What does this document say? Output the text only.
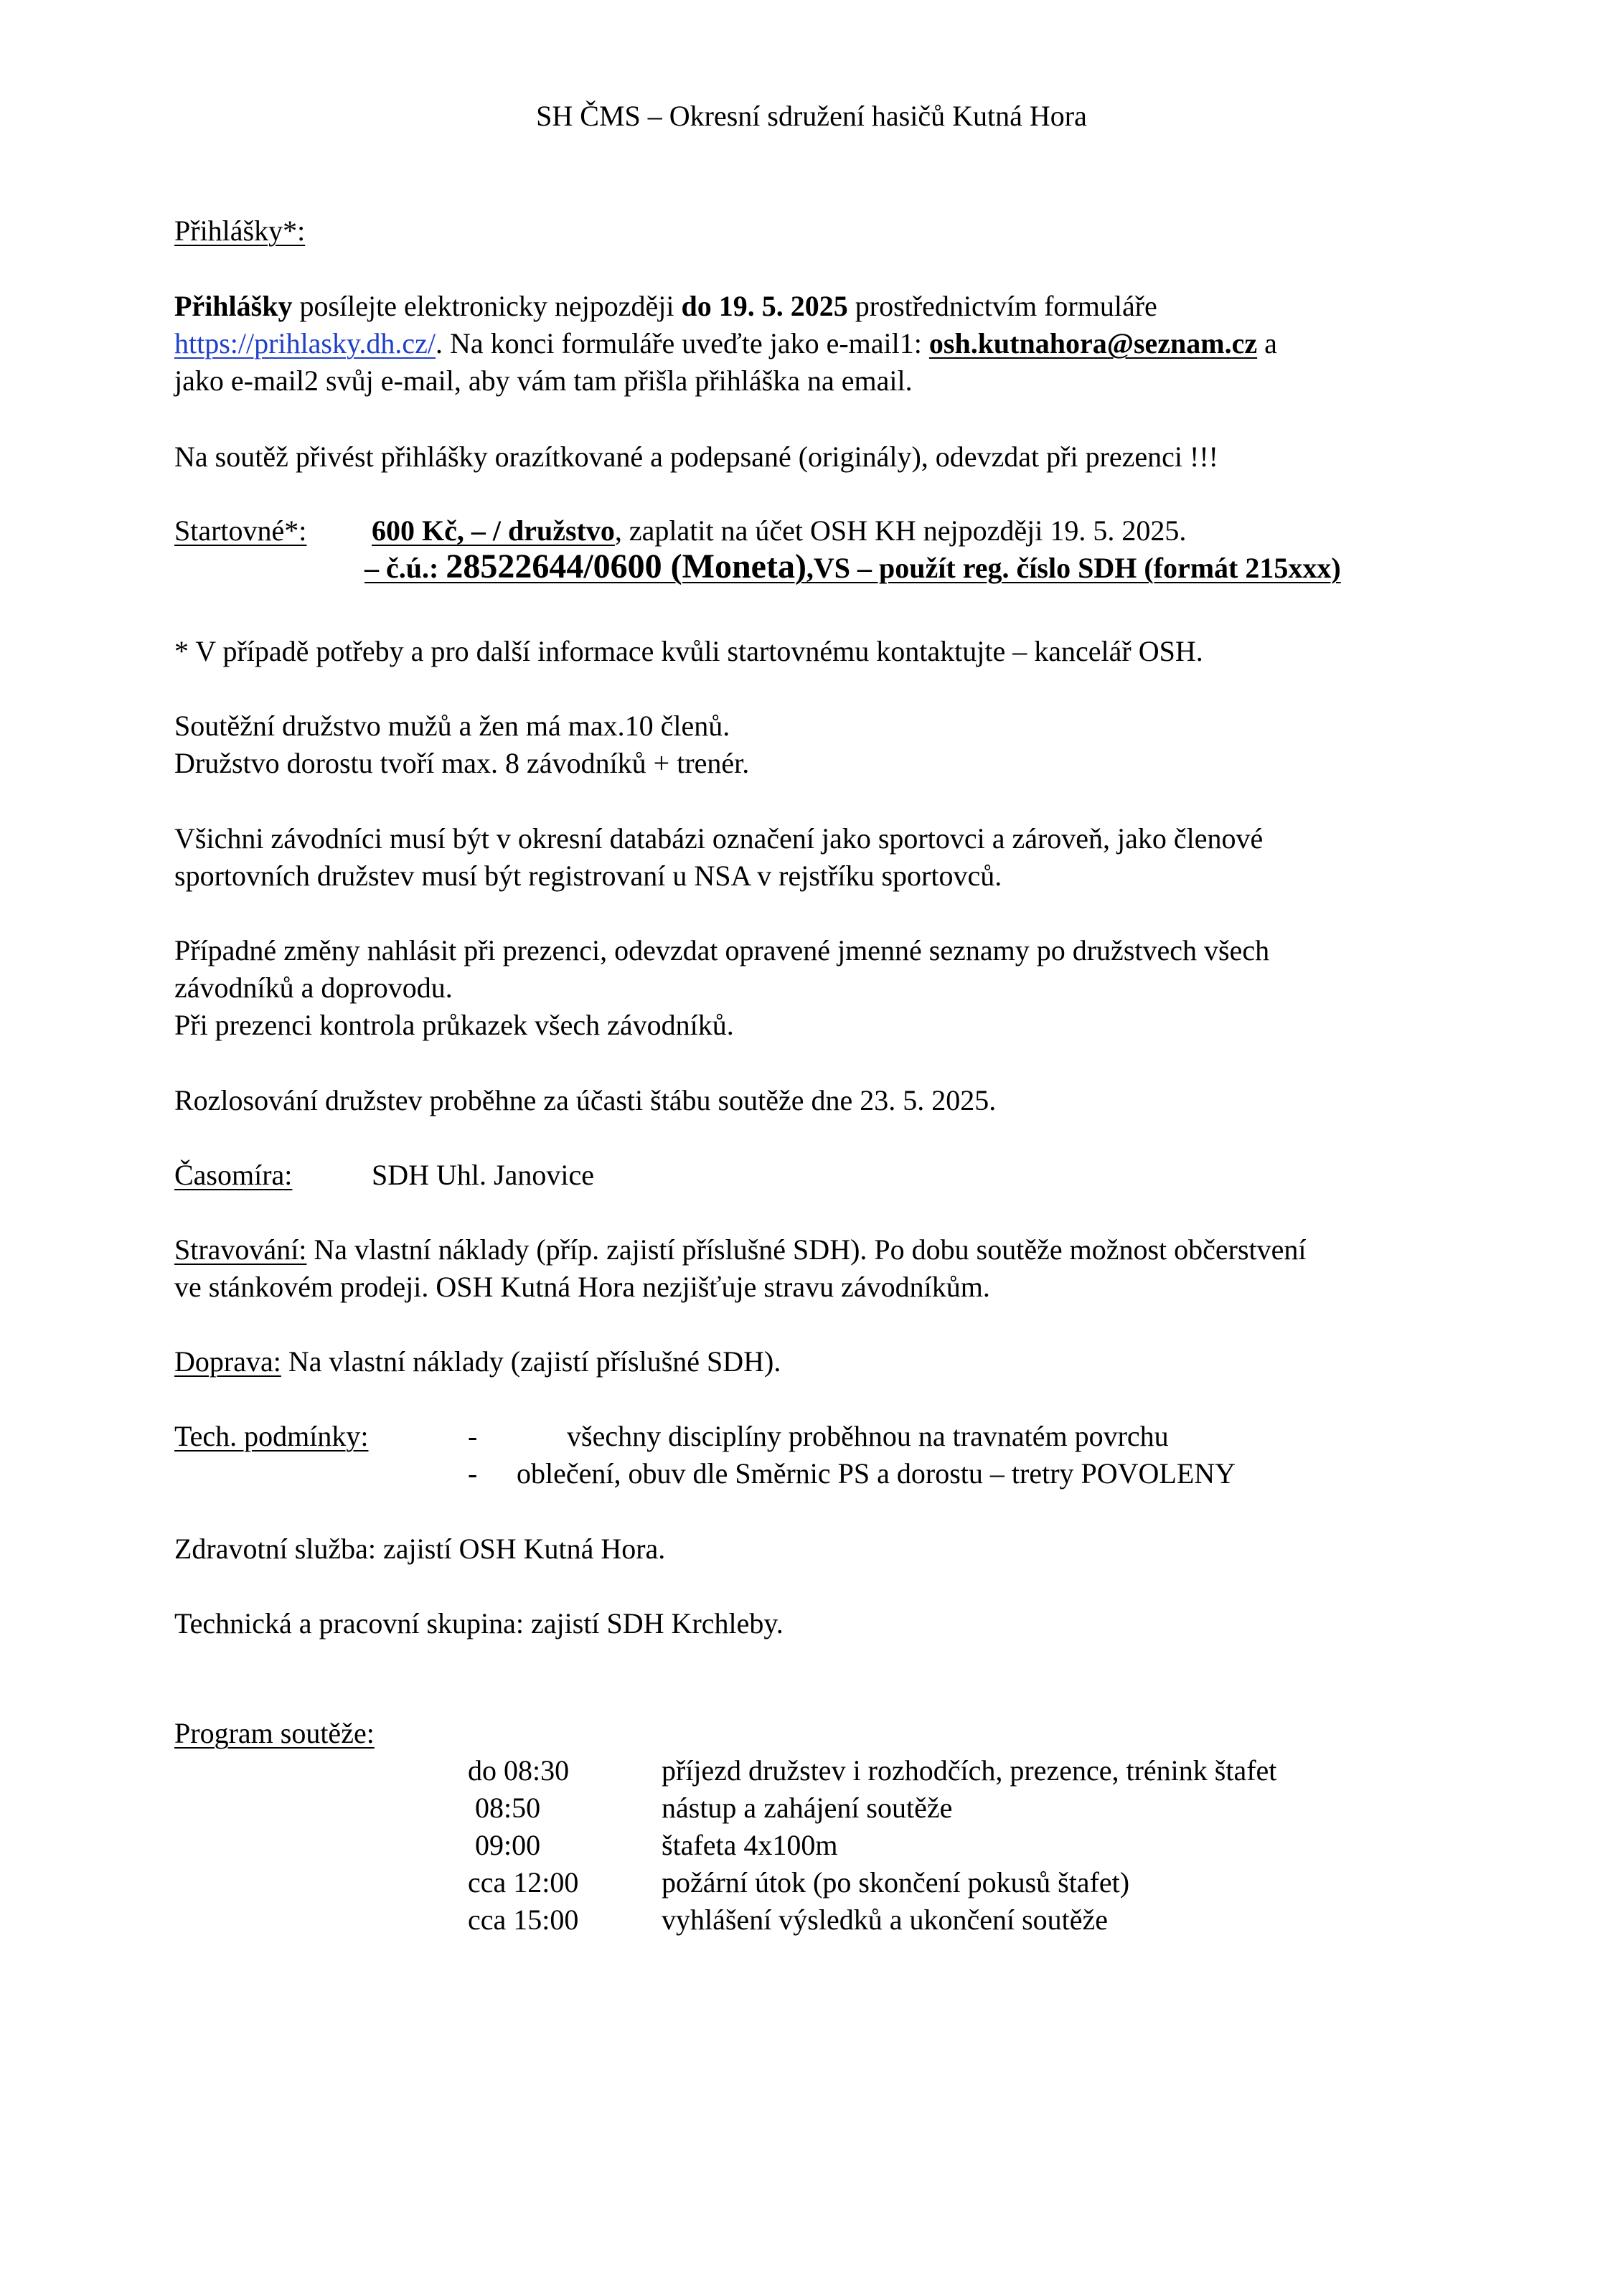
SH ČMS – Okresní sdružení hasičů Kutná Hora
Přihlášky*:
Přihlášky posílejte elektronicky nejpozději do 19. 5. 2025 prostřednictvím formuláře
https://prihlasky.dh.cz/. Na konci formuláře uveďte jako e-mail1: osh.kutnahora@seznam.cz a
jako e-mail2 svůj e-mail, aby vám tam přišla přihláška na email.
Na soutěž přivést přihlášky orazítkované a podepsané (originály), odevzdat při prezenci !!!
Startovné*: 600 Kč, – / družstvo, zaplatit na účet OSH KH nejpozději 19. 5. 2025.
– č.ú.: 28522644/0600 (Moneta),VS – použít reg. číslo SDH (formát 215xxx)
* V případě potřeby a pro další informace kvůli startovnému kontaktujte – kancelář OSH.
Soutěžní družstvo mužů a žen má max.10 členů.
Družstvo dorostu tvoří max. 8 závodníků + trenér.
Všichni závodníci musí být v okresní databázi označení jako sportovci a zároveň, jako členové
sportovních družstev musí být registrovaní u NSA v rejstříku sportovců.
Případné změny nahlásit při prezenci, odevzdat opravené jmenné seznamy po družstvech všech
závodníků a doprovodu.
Při prezenci kontrola průkazek všech závodníků.
Rozlosování družstev proběhne za účasti štábu soutěže dne 23. 5. 2025.
Časomíra:	SDH Uhl. Janovice
Stravování: Na vlastní náklady (příp. zajistí příslušné SDH). Po dobu soutěže možnost občerstvení
ve stánkovém prodeji. OSH Kutná Hora nezjišťuje stravu závodníkům.
Doprava: Na vlastní náklady (zajistí příslušné SDH).
Tech. podmínky:	-	všechny disciplíny proběhnou na travnatém povrchu
- oblečení, obuv dle Směrnic PS a dorostu – tretry POVOLENY
Zdravotní služba: zajistí OSH Kutná Hora.
Technická a pracovní skupina: zajistí SDH Krchleby.
Program soutěže:
do 08:30	příjezd družstev i rozhodčích, prezence, trénink štafet
08:50	nástup a zahájení soutěže
09:00	štafeta 4x100m
cca 12:00	požární útok (po skončení pokusů štafet)
cca 15:00	vyhlášení výsledků a ukončení soutěže
